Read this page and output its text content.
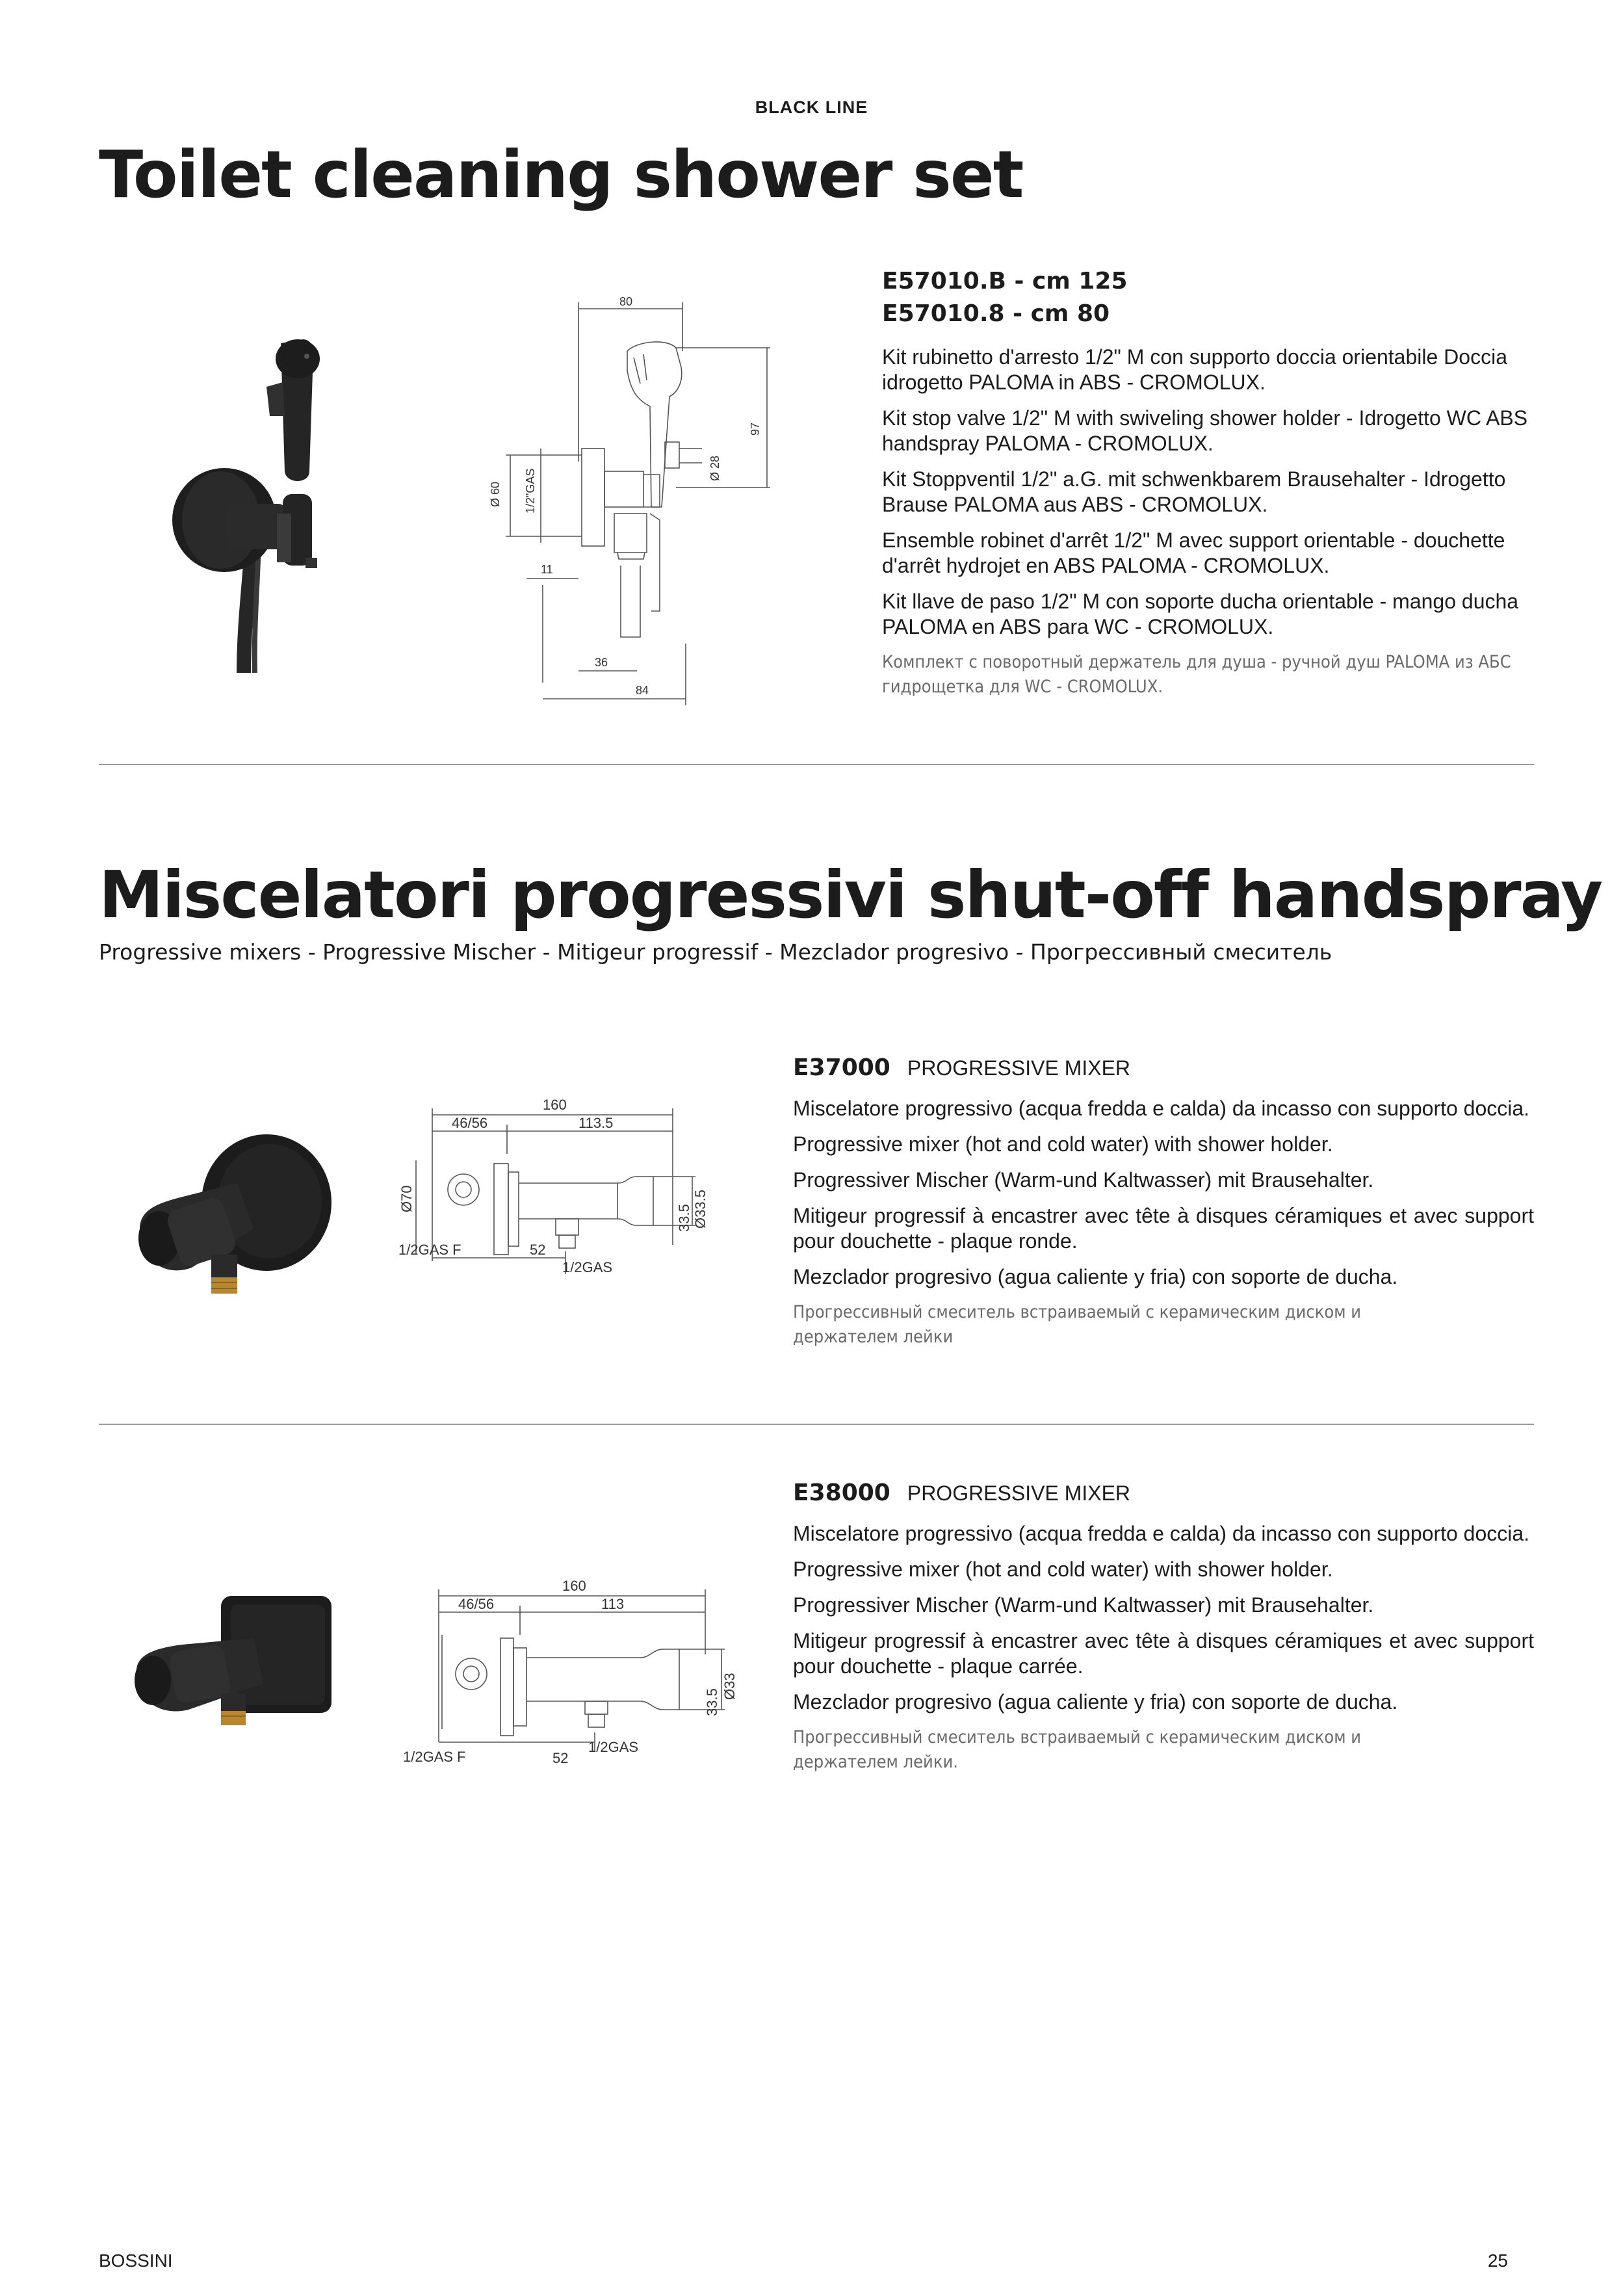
BLACK LINE
Toilet cleaning shower set
80
97
Ø 60 1/2"GAS
Ø 28
11
36
84
E57010.B - cm 125
E57010.8 - cm 80

Kit rubinetto d'arresto 1/2" M con supporto doccia orientabile Doccia idrogetto PALOMA in ABS - CROMOLUX.

Kit stop valve 1/2" M with swiveling shower holder - Idrogetto WC ABS handspray PALOMA - CROMOLUX.

Kit Stoppventil 1/2" a.G. mit schwenkbarem Brausehalter - Idrogetto Brause PALOMA aus ABS - CROMOLUX.

Ensemble robinet d'arrêt 1/2" M avec support orientable - douchette d'arrêt hydrojet en ABS PALOMA - CROMOLUX.

Kit llave de paso 1/2" M con soporte ducha orientable - mango ducha PALOMA en ABS para WC - CROMOLUX.

Комплект с поворотный держатель для душа - ручной душ PALOMA из АБС гидрощетка для WC - CROMOLUX.

Miscelatori progressivi shut-off handspray
Progressive mixers - Progressive Mischer - Mitigeur progressif - Mezclador progresivo - Прогрессивный смеситель
160
46/56	113.5
Ø70	Ø33.5
33.5
1/2GAS F	52
1/2GAS
E37000 PROGRESSIVE MIXER

Miscelatore progressivo (acqua fredda e calda) da incasso con supporto doccia.

Progressive mixer (hot and cold water) with shower holder.

Progressiver Mischer (Warm-und Kaltwasser) mit Brausehalter.

Mitigeur progressif à encastrer avec tête à disques céramiques et avec support pour douchette - plaque ronde.

Mezclador progresivo (agua caliente y fria) con soporte de ducha.

Прогрессивный смеситель встраиваемый с керамическим диском и держателем лейки

160
46/56	113
Ø33
33.5
1/2GAS F	52
1/2GAS
E38000 PROGRESSIVE MIXER

Miscelatore progressivo (acqua fredda e calda) da incasso con supporto doccia.

Progressive mixer (hot and cold water) with shower holder.

Progressiver Mischer (Warm-und Kaltwasser) mit Brausehalter.

Mitigeur progressif à encastrer avec tête à disques céramiques et avec support pour douchette - plaque carrée.

Mezclador progresivo (agua caliente y fria) con soporte de ducha.

Прогрессивный смеситель встраиваемый с керамическим диском и держателем лейки.

BOSSINI	25
